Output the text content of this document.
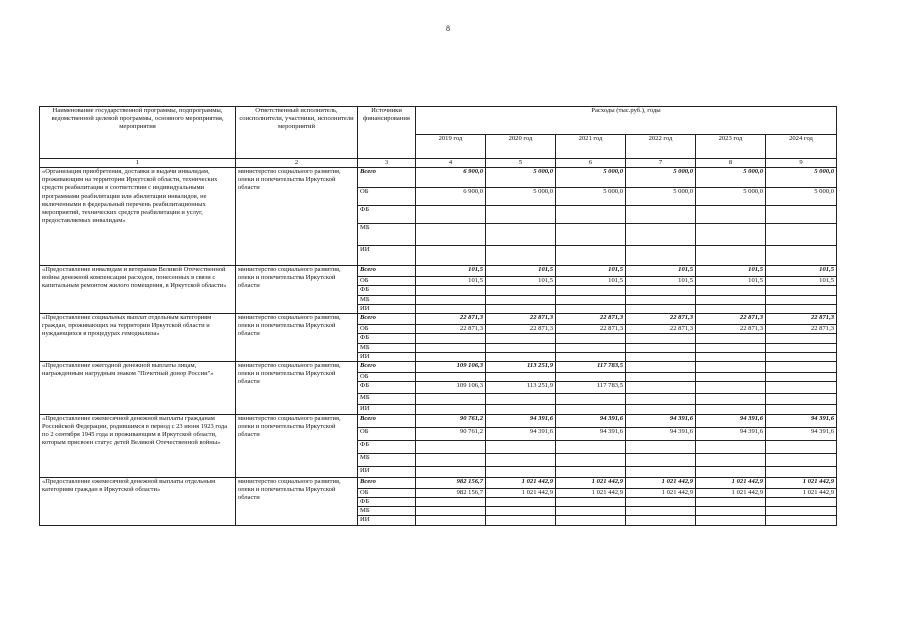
8
Наименование государственной программы, подпрограммы, ведомственной целевой программы, основного мероприятия, мероприятия	Ответственный исполнитель, соисполнители, участники, исполнители мероприятий	Источники финансирования	Расходы (тыс.руб.), годы					
			2019 год	2020 год	2021 год	2022 год	2023 год	2024 год
1	2	3	4	5	6	7	8	9
«Организация приобретения, доставки и выдачи инвалидам, проживающим на территории Иркутской области, технических средств реабилитации в соответствии с индивидуальными программами реабилитации или абилитации инвалидов, не включенными в федеральный перечень реабилитационных мероприятий, технических средств реабилитации и услуг, предоставляемых инвалидам»	министерство социального развития, опеки и попечительства Иркутской области	Всего	6 900,0	5 000,0	5 000,0	5 000,0	5 000,0	5 000,0
		ОБ	6 900,0	5 000,0	5 000,0	5 000,0	5 000,0	5 000,0
		ФБ						
		МБ						
		ИИ						
«Предоставление инвалидам и ветеранам Великой Отечественной войны денежной компенсации расходов, понесенных в связи с капитальным ремонтом жилого помещения, в Иркутской области»	министерство социального развития, опеки и попечительства Иркутской области	Всего	101,5	101,5	101,5	101,5	101,5	101,5
		ОБ	101,5	101,5	101,5	101,5	101,5	101,5
		ФБ						
		МБ						
		ИИ						
«Предоставление социальных выплат отдельным категориям граждан, проживающих на территории Иркутской области и нуждающихся в процедурах гемодиализа»	министерство социального развития, опеки и попечительства Иркутской области	Всего	22 871,3	22 871,3	22 871,3	22 871,3	22 871,3	22 871,3
		ОБ	22 871,3	22 871,3	22 871,3	22 871,3	22 871,3	22 871,3
		ФБ						
		МБ						
		ИИ						
«Предоставление ежегодной денежной выплаты лицам, награжденным нагрудным знаком "Почетный донор России"»	министерство социального развития, опеки и попечительства Иркутской области	Всего	109 106,3	113 251,9	117 783,5			
		ОБ						
		ФБ	109 106,3	113 251,9	117 783,5			
		МБ						
		ИИ						
«Предоставление ежемесячной денежной выплаты гражданам Российской Федерации, родившимся в период с 23 июня 1923 года по 2 сентября 1945 года и проживающим в Иркутской области, которым присвоен статус детей Великой Отечественной войны»	министерство социального развития, опеки и попечительства Иркутской области	Всего	90 761,2	94 391,6	94 391,6	94 391,6	94 391,6	94 391,6
		ОБ	90 761,2	94 391,6	94 391,6	94 391,6	94 391,6	94 391,6
		ФБ						
		МБ						
		ИИ						
«Предоставление ежемесячной денежной выплаты отдельным категориям граждан в Иркутской области»	министерство социального развития, опеки и попечительства Иркутской области	Всего	982 156,7	1 021 442,9	1 021 442,9	1 021 442,9	1 021 442,9	1 021 442,9
		ОБ	982 156,7	1 021 442,9	1 021 442,9	1 021 442,9	1 021 442,9	1 021 442,9
		ФБ						
		МБ						
		ИИ						
